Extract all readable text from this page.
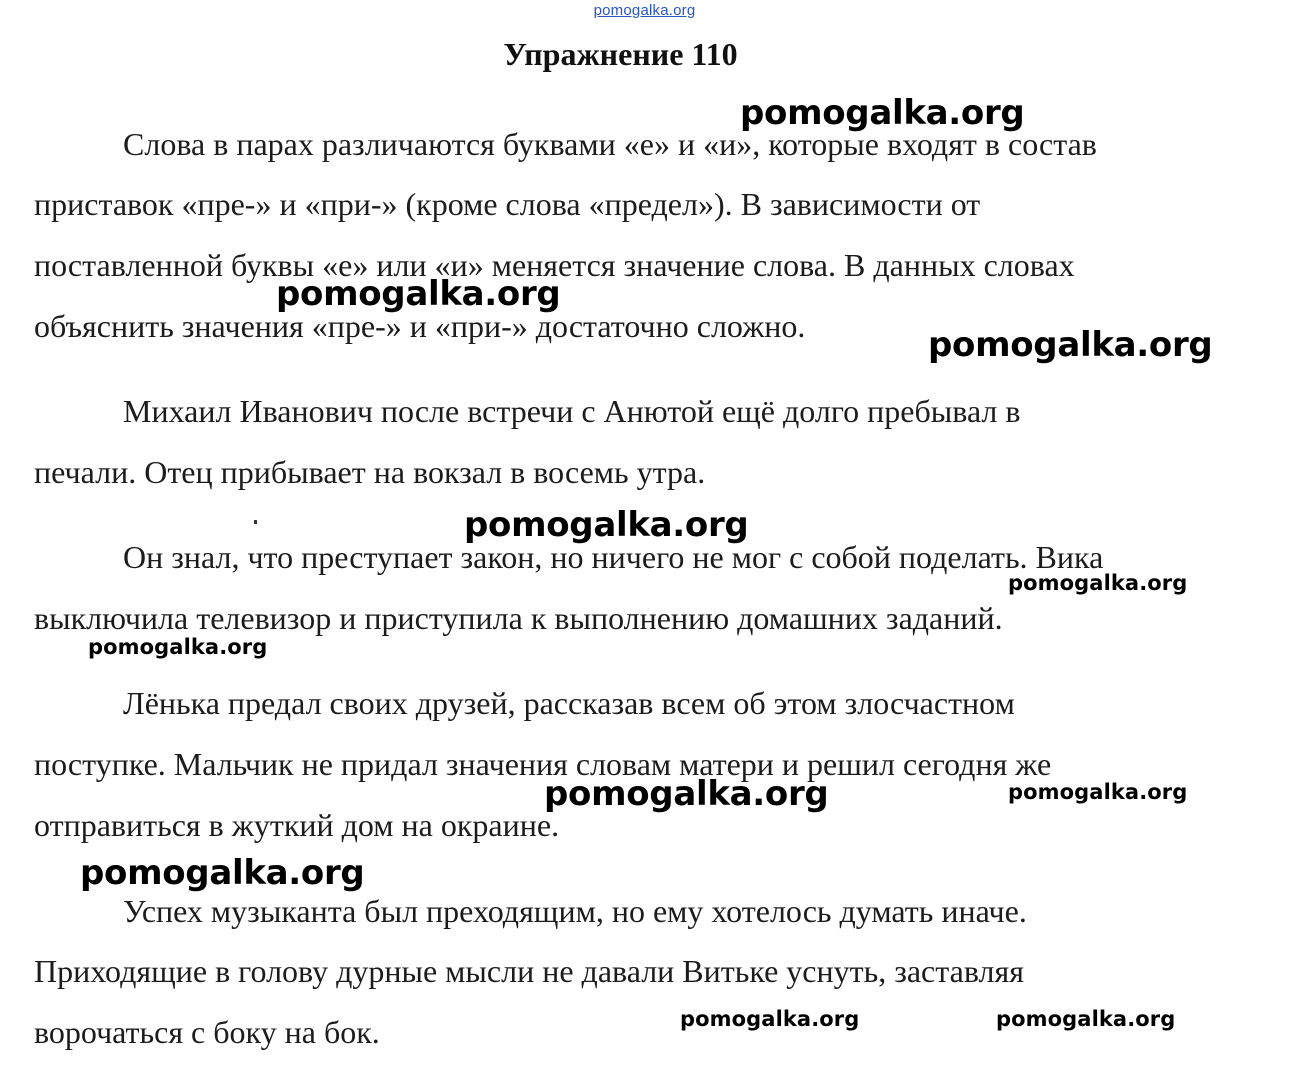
pomogalka.org
Упражнение 110
Слова в парах различаются буквами «е» и «и», которые входят в состав
приставок «пре-» и «при-» (кроме слова «предел»). В зависимости от
поставленной буквы «е» или «и» меняется значение слова. В данных словах
объяснить значения «пре-» и «при-» достаточно сложно.
Михаил Иванович после встречи с Анютой ещё долго пребывал в
печали. Отец прибывает на вокзал в восемь утра.
Он знал, что преступает закон, но ничего не мог с собой поделать. Вика
выключила телевизор и приступила к выполнению домашних заданий.
Лёнька предал своих друзей, рассказав всем об этом злосчастном
поступке. Мальчик не придал значения словам матери и решил сегодня же
отправиться в жуткий дом на окраине.
Успех музыканта был преходящим, но ему хотелось думать иначе.
Приходящие в голову дурные мысли не давали Витьке уснуть, заставляя
ворочаться с боку на бок.
pomogalka.org
pomogalka.org
pomogalka.org
pomogalka.org
pomogalka.org
pomogalka.org
pomogalka.org	pomogalka.org
pomogalka.org
pomogalka.org	pomogalka.org
